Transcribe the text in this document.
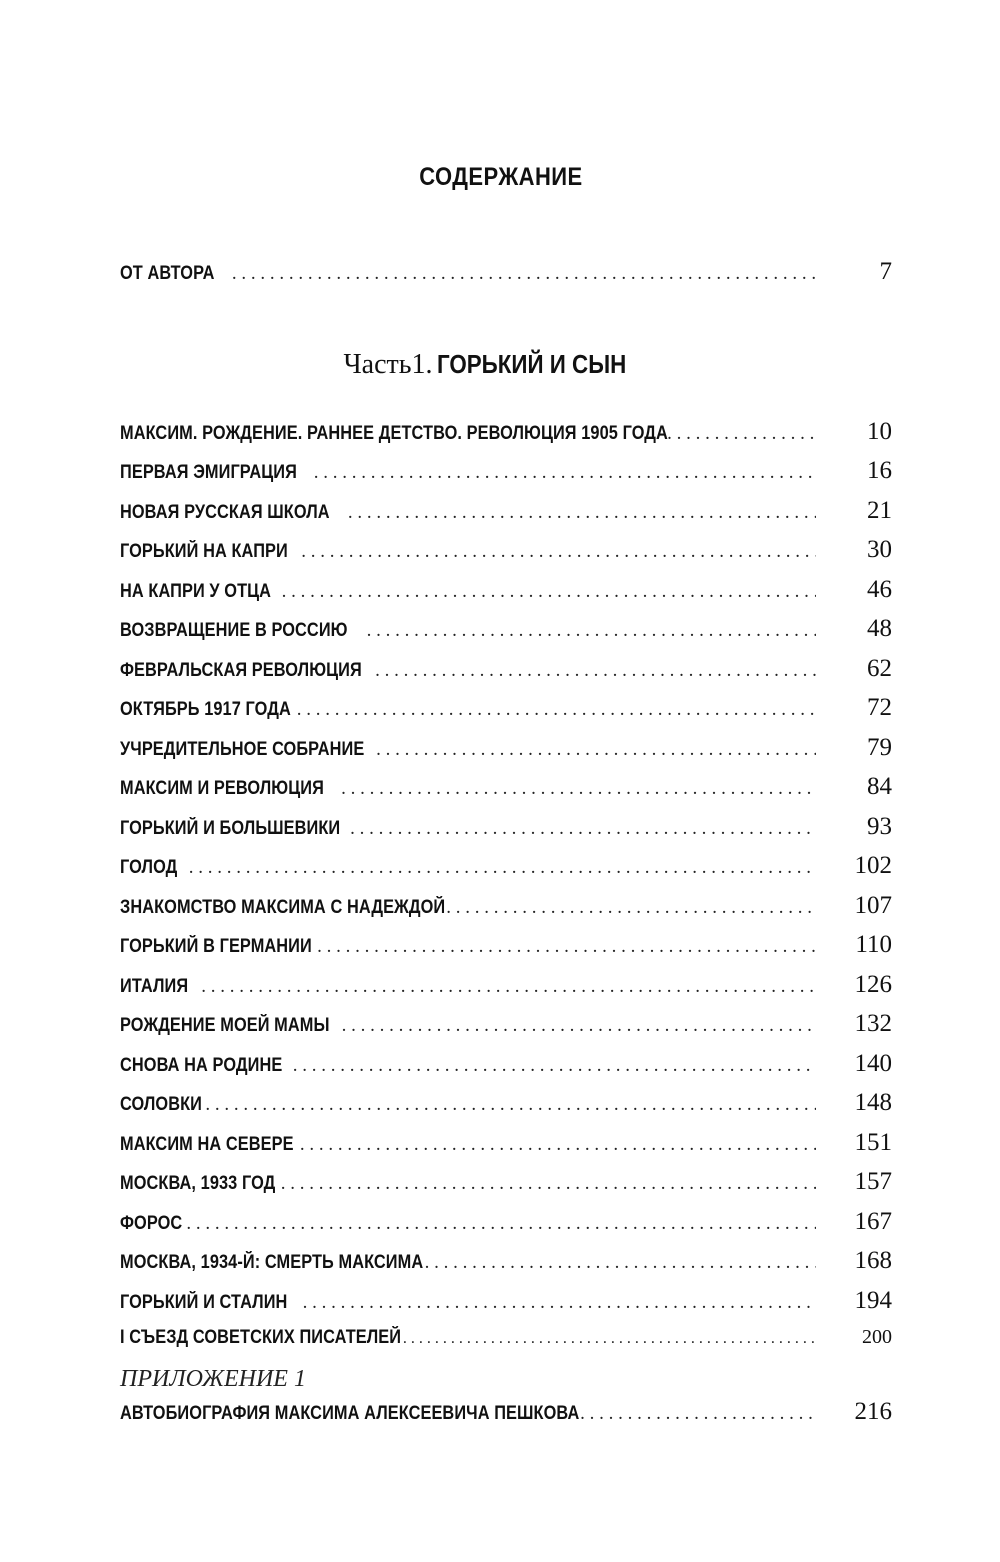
СОДЕРЖАНИЕ
ОТ АВТОРА . . .	7
Часть1. ГОРЬКИЙ И СЫН
МАКСИМ. РОЖДЕНИЕ. РАННЕЕ ДЕТСТВО. РЕВОЛЮЦИЯ 1905 ГОДА . . .	10
ПЕРВАЯ ЭМИГРАЦИЯ . . .	16
НОВАЯ РУССКАЯ ШКОЛА . . .	21
ГОРЬКИЙ НА КАПРИ . . .	30
НА КАПРИ У ОТЦА . . .	46
ВОЗВРАЩЕНИЕ В РОССИЮ . . .	48
ФЕВРАЛЬСКАЯ РЕВОЛЮЦИЯ . . .	62
ОКТЯБРЬ 1917 ГОДА . . .	72
УЧРЕДИТЕЛЬНОЕ СОБРАНИЕ . . .	79
МАКСИМ И РЕВОЛЮЦИЯ . . .	84
ГОРЬКИЙ И БОЛЬШЕВИКИ . . .	93
ГОЛОД . . .	102
ЗНАКОМСТВО МАКСИМА С НАДЕЖДОЙ . . .	107
ГОРЬКИЙ В ГЕРМАНИИ . . .	110
ИТАЛИЯ . . .	126
РОЖДЕНИЕ МОЕЙ МАМЫ . . .	132
СНОВА НА РОДИНЕ . . .	140
СОЛОВКИ . . .	148
МАКСИМ НА СЕВЕРЕ . . .	151
МОСКВА, 1933 ГОД . . .	157
ФОРОС . . .	167
МОСКВА, 1934-Й: СМЕРТЬ МАКСИМА . . .	168
ГОРЬКИЙ И СТАЛИН . . .	194
I СЪЕЗД СОВЕТСКИХ ПИСАТЕЛЕЙ . . .	200
ПРИЛОЖЕНИЕ 1
АВТОБИОГРАФИЯ МАКСИМА АЛЕКСЕЕВИЧА ПЕШКОВА . . .	216
